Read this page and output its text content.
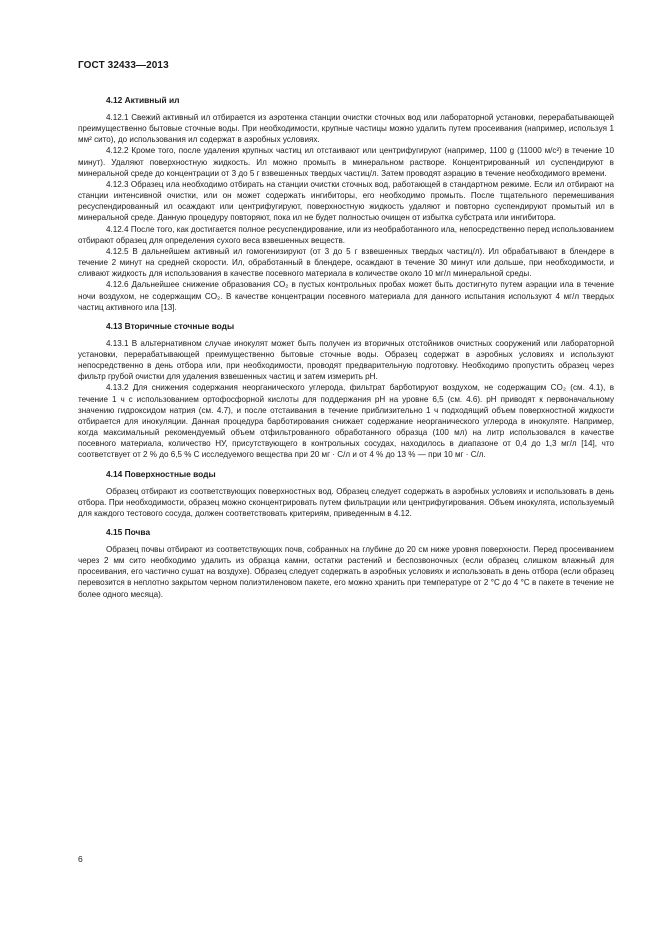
ГОСТ 32433—2013
4.12 Активный ил

4.12.1 Свежий активный ил отбирается из аэротенка станции очистки сточных вод или лабораторной установки, перерабатывающей преимущественно бытовые сточные воды. При необходимости, крупные частицы можно удалить путем просеивания (например, используя 1 мм² сито), до использования ил содержат в аэробных условиях.

4.12.2 Кроме того, после удаления крупных частиц ил отстаивают или центрифугируют (например, 1100 g (11000 м/с²) в течение 10 минут). Удаляют поверхностную жидкость. Ил можно промыть в минеральном растворе. Концентрированный ил суспендируют в минеральной среде до концентрации от 3 до 5 г взвешенных твердых частиц/л. Затем проводят аэрацию в течение необходимого времени.

4.12.3 Образец ила необходимо отбирать на станции очистки сточных вод, работающей в стандартном режиме. Если ил отбирают на станции интенсивной очистки, или он может содержать ингибиторы, его необходимо промыть. После тщательного перемешивания ресуспендированный ил осаждают или центрифугируют, поверхностную жидкость удаляют и повторно суспендируют промытый ил в минеральной среде. Данную процедуру повторяют, пока ил не будет полностью очищен от избытка субстрата или ингибитора.

4.12.4 После того, как достигается полное ресуспендирование, или из необработанного ила, непосредственно перед использованием отбирают образец для определения сухого веса взвешенных веществ.

4.12.5 В дальнейшем активный ил гомогенизируют (от 3 до 5 г взвешенных твердых частиц/л). Ил обрабатывают в блендере в течение 2 минут на средней скорости. Ил, обработанный в блендере, осаждают в течение 30 минут или дольше, при необходимости, и сливают жидкость для использования в качестве посевного материала в количестве около 10 мг/л минеральной среды.

4.12.6 Дальнейшее снижение образования CO₂ в пустых контрольных пробах может быть достигнуто путем аэрации ила в течение ночи воздухом, не содержащим CO₂. В качестве концентрации посевного материала для данного испытания используют 4 мг/л твердых частиц активного ила [13].

4.13 Вторичные сточные воды

4.13.1 В альтернативном случае инокулят может быть получен из вторичных отстойников очистных сооружений или лабораторной установки, перерабатывающей преимущественно бытовые сточные воды. Образец содержат в аэробных условиях и используют непосредственно в день отбора или, при необходимости, проводят предварительную подготовку. Необходимо пропустить образец через фильтр грубой очистки для удаления взвешенных частиц и затем измерить pH.

4.13.2 Для снижения содержания неорганического углерода, фильтрат барботируют воздухом, не содержащим CO₂ (см. 4.1), в течение 1 ч с использованием ортофосфорной кислоты для поддержания pH на уровне 6,5 (см. 4.6). pH приводят к первоначальному значению гидроксидом натрия (см. 4.7), и после отстаивания в течение приблизительно 1 ч подходящий объем поверхностной жидкости отбирается для инокуляции. Данная процедура барботирования снижает содержание неорганического углерода в инокуляте. Например, когда максимальный рекомендуемый объем отфильтрованного обработанного образца (100 мл) на литр использовался в качестве посевного материала, количество НУ, присутствующего в контрольных сосудах, находилось в диапазоне от 0,4 до 1,3 мг/л [14], что соответствует от 2 % до 6,5 % С исследуемого вещества при 20 мг · С/л и от 4 % до 13 % — при 10 мг · С/л.

4.14 Поверхностные воды

Образец отбирают из соответствующих поверхностных вод. Образец следует содержать в аэробных условиях и использовать в день отбора. При необходимости, образец можно сконцентрировать путем фильтрации или центрифугирования. Объем инокулята, используемый для каждого тестового сосуда, должен соответствовать критериям, приведенным в 4.12.

4.15 Почва

Образец почвы отбирают из соответствующих почв, собранных на глубине до 20 см ниже уровня поверхности. Перед просеиванием через 2 мм сито необходимо удалить из образца камни, остатки растений и беспозвоночных (если образец слишком влажный для просеивания, его частично сушат на воздухе). Образец следует содержать в аэробных условиях и использовать в день отбора (если образец перевозится в неплотно закрытом черном полиэтиленовом пакете, его можно хранить при температуре от 2 °С до 4 °С в пакете в течение не более одного месяца).

6
